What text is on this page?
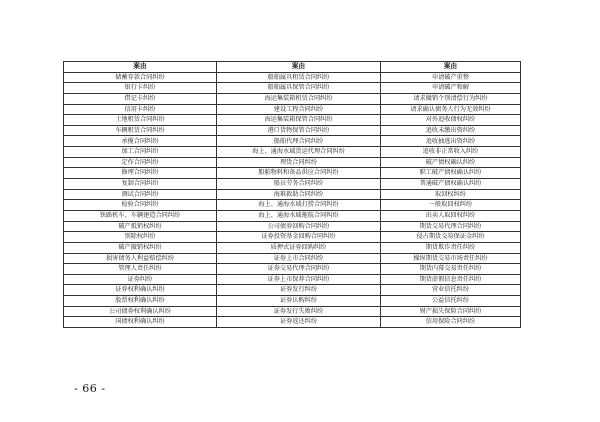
案由	案由	案由
储蓄存款合同纠纷	船舶属具租赁合同纠纷	申请破产重整
银行卡纠纷	船舶属具保管合同纠纷	申请破产和解
借记卡纠纷	海运集装箱租赁合同纠纷	请求撤销个别清偿行为纠纷
信用卡纠纷	建设工程合同纠纷	请求确认债务人行为无效纠纷
土地租赁合同纠纷	海运集装箱保管合同纠纷	对外追收债权纠纷
车辆租赁合同纠纷	港口货物保管合同纠纷	追收未缴出资纠纷
承揽合同纠纷	船舶代理合同纠纷	追收抽逃出资纠纷
加工合同纠纷	海上、通海水域货运代理合同纠纷	追收非正常收入纠纷
定作合同纠纷	理货合同纠纷	破产债权确认纠纷
修理合同纠纷	船舶物料和备品供应合同纠纷	职工破产债权确认纠纷
复制合同纠纷	船员劳务合同纠纷	普通破产债权确认纠纷
测试合同纠纷	海难救助合同纠纷	取回权纠纷
检验合同纠纷	海上、通海水域打捞合同纠纷	一般取回权纠纷
铁路机车、车辆建造合同纠纷	海上、通海水域拖航合同纠纷	出卖人取回权纠纷
破产抵销权纠纷	公司债券回购合同纠纷	期货交易代理合同纠纷
别除权纠纷	证券投资基金回购合同纠纷	侵占期货交易保证金纠纷
破产撤销权纠纷	质押式证券回购纠纷	期货欺诈责任纠纷
损害债务人利益赔偿纠纷	证券上市合同纠纷	操纵期货交易市场责任纠纷
管理人责任纠纷	证券交易代理合同纠纷	期货内幕交易责任纠纷
证券纠纷	证券上市保荐合同纠纷	期货虚假信息责任纠纷
证券权利确认纠纷	证券发行纠纷	营业信托纠纷
股票权利确认纠纷	证券认购纠纷	公益信托纠纷
公司债券权利确认纠纷	证券发行失败纠纷	财产损失保险合同纠纷
国债权利确认纠纷	证券返还纠纷	信用保险合同纠纷
- 66 -
